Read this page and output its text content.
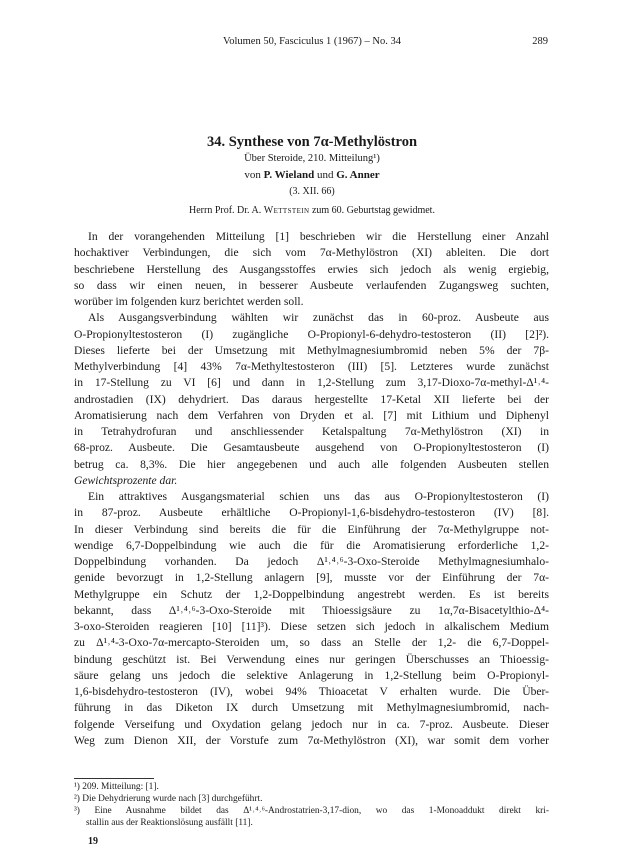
Volumen 50, Fasciculus 1 (1967) – No. 34	289
34. Synthese von 7α-Methylöstron
Über Steroide, 210. Mitteilung¹)
von P. Wieland und G. Anner
(3. XII. 66)
Herrn Prof. Dr. A. Wettstein zum 60. Geburtstag gewidmet.

In der vorangehenden Mitteilung [1] beschrieben wir die Herstellung einer Anzahl
hochaktiver Verbindungen, die sich vom 7α-Methylöstron (XI) ableiten. Die dort
beschriebene Herstellung des Ausgangsstoffes erwies sich jedoch als wenig ergiebig,
so dass wir einen neuen, in besserer Ausbeute verlaufenden Zugangsweg suchten,
worüber im folgenden kurz berichtet werden soll.

Als Ausgangsverbindung wählten wir zunächst das in 60-proz. Ausbeute aus
O-Propionyltestosteron (I) zugängliche O-Propionyl-6-dehydro-testosteron (II) [2]²).
Dieses lieferte bei der Umsetzung mit Methylmagnesiumbromid neben 5% der 7β-
Methylverbindung [4] 43% 7α-Methyltestosteron (III) [5]. Letzteres wurde zunächst
in 17-Stellung zu VI [6] und dann in 1,2-Stellung zum 3,17-Dioxo-7α-methyl-Δ¹˒⁴-
androstadien (IX) dehydriert. Das daraus hergestellte 17-Ketal XII lieferte bei der
Aromatisierung nach dem Verfahren von Dryden et al. [7] mit Lithium und Diphenyl
in Tetrahydrofuran und anschliessender Ketalspaltung 7α-Methylöstron (XI) in
68-proz. Ausbeute. Die Gesamtausbeute ausgehend von O-Propionyltestosteron (I)
betrug ca. 8,3%. Die hier angegebenen und auch alle folgenden Ausbeuten stellen
Gewichtsprozente dar.

Ein attraktives Ausgangsmaterial schien uns das aus O-Propionyltestosteron (I)
in 87-proz. Ausbeute erhältliche O-Propionyl-1,6-bisdehydro-testosteron (IV) [8].
In dieser Verbindung sind bereits die für die Einführung der 7α-Methylgruppe not-
wendige 6,7-Doppelbindung wie auch die für die Aromatisierung erforderliche 1,2-
Doppelbindung vorhanden. Da jedoch Δ¹˒⁴˒⁶-3-Oxo-Steroide Methylmagnesiumhalo-
genide bevorzugt in 1,2-Stellung anlagern [9], musste vor der Einführung der 7α-
Methylgruppe ein Schutz der 1,2-Doppelbindung angestrebt werden. Es ist bereits
bekannt, dass Δ¹˒⁴˒⁶-3-Oxo-Steroide mit Thioessigsäure zu 1α,7α-Bisacetylthio-Δ⁴-
3-oxo-Steroiden reagieren [10] [11]³). Diese setzen sich jedoch in alkalischem Medium
zu Δ¹˒⁴-3-Oxo-7α-mercapto-Steroiden um, so dass an Stelle der 1,2- die 6,7-Doppel-
bindung geschützt ist. Bei Verwendung eines nur geringen Überschusses an Thioessig-
säure gelang uns jedoch die selektive Anlagerung in 1,2-Stellung beim O-Propionyl-
1,6-bisdehydro-testosteron (IV), wobei 94% Thioacetat V erhalten wurde. Die Über-
führung in das Diketon IX durch Umsetzung mit Methylmagnesiumbromid, nach-
folgende Verseifung und Oxydation gelang jedoch nur in ca. 7-proz. Ausbeute. Dieser
Weg zum Dienon XII, der Vorstufe zum 7α-Methylöstron (XI), war somit dem vorher

¹) 209. Mitteilung: [1].
²) Die Dehydrierung wurde nach [3] durchgeführt.
³) Eine Ausnahme bildet das Δ¹˒⁴˒⁶-Androstatrien-3,17-dion, wo das 1-Monoaddukt direkt kri-
stallin aus der Reaktionslösung ausfällt [11].
19
